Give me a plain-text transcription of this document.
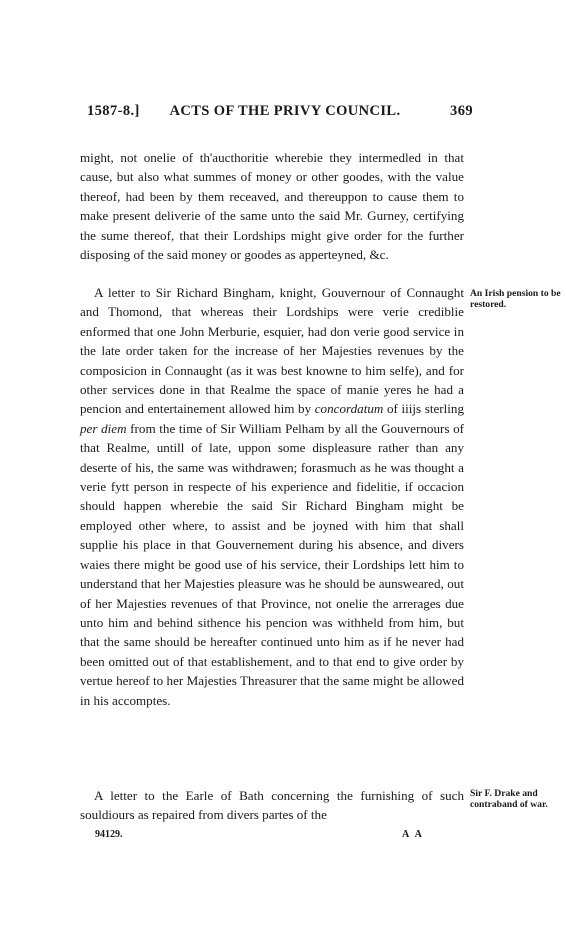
1587-8.]	ACTS OF THE PRIVY COUNCIL.	369

might, not onelie of th'aucthoritie wherebie they intermedled in that cause, but also what summes of money or other goodes, with the value thereof, had been by them receaved, and thereuppon to cause them to make present deliverie of the same unto the said Mr. Gurney, certifying the sume thereof, that their Lordships might give order for the further disposing of the said money or goodes as apperteyned, &c.

A letter to Sir Richard Bingham, knight, Gouvernour of Connaught and Thomond, that whereas their Lordships were verie crediblie enformed that one John Merburie, esquier, had don verie good service in the late order taken for the increase of her Majesties revenues by the composicion in Connaught (as it was best knowne to him selfe), and for other services done in that Realme the space of manie yeres he had a pencion and entertainement allowed him by concordatum of iiijs sterling per diem from the time of Sir William Pelham by all the Gouvernours of that Realme, untill of late, uppon some displeasure rather than any deserte of his, the same was withdrawen; forasmuch as he was thought a verie fytt person in respecte of his experience and fidelitie, if occacion should happen wherebie the said Sir Richard Bingham might be employed other where, to assist and be joyned with him that shall supplie his place in that Gouvernement during his absence, and divers waies there might be good use of his service, their Lordships lett him to understand that her Majesties pleasure was he should be aunsweared, out of her Majesties revenues of that Province, not onelie the arrerages due unto him and behind sithence his pencion was withheld from him, but that the same should be hereafter continued unto him as if he never had been omitted out of that establishement, and to that end to give order by vertue hereof to her Majesties Threasurer that the same might be allowed in his accomptes.

An Irish pension to be restored.

A letter to the Earle of Bath concerning the furnishing of such souldiours as repaired from divers partes of the

Sir F. Drake and contraband of war.
94129.	A A
